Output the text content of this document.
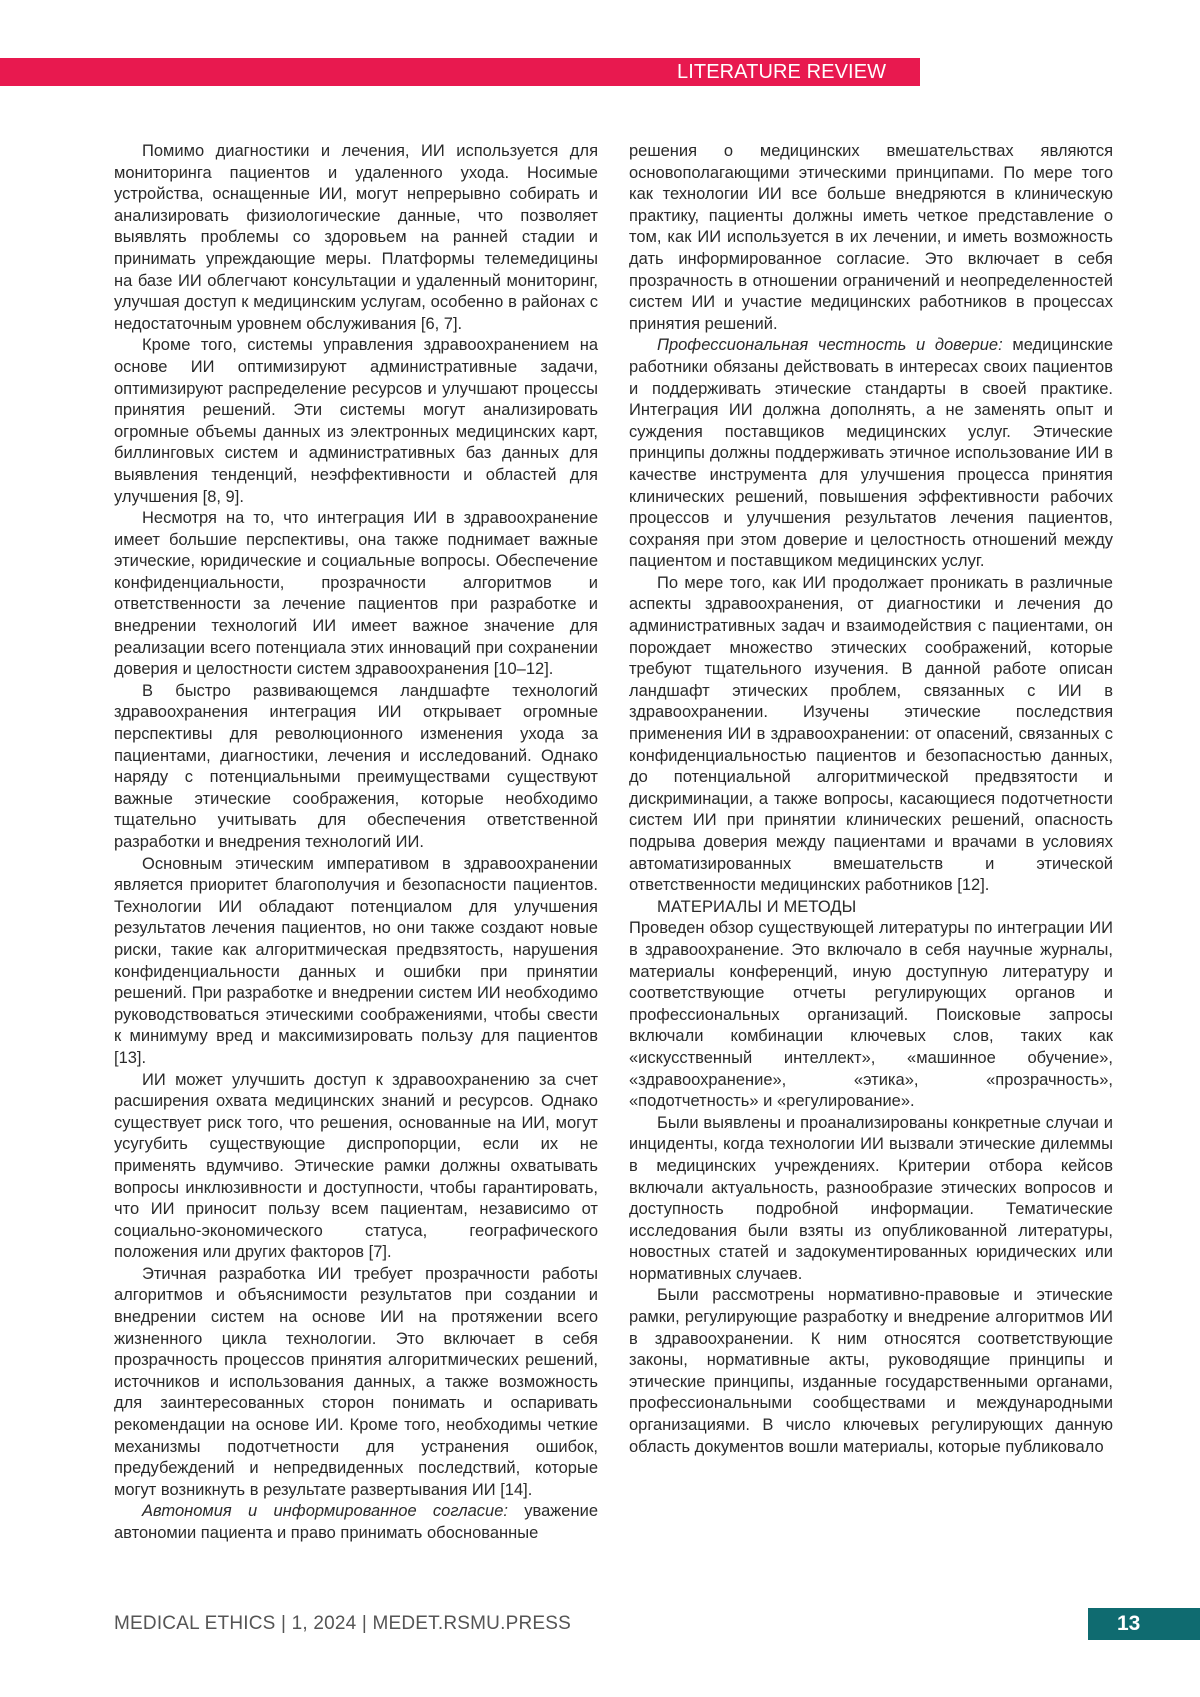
LITERATURE REVIEW

Помимо диагностики и лечения, ИИ используется для мониторинга пациентов и удаленного ухода. Носимые устройства, оснащенные ИИ, могут непрерывно собирать и анализировать физиологические данные, что позволяет выявлять проблемы со здоровьем на ранней стадии и принимать упреждающие меры. Платформы телемедицины на базе ИИ облегчают консультации и удаленный мониторинг, улучшая доступ к медицинским услугам, особенно в районах с недостаточным уровнем обслуживания [6, 7].

Кроме того, системы управления здравоохранением на основе ИИ оптимизируют административные задачи, оптимизируют распределение ресурсов и улучшают процессы принятия решений. Эти системы могут анализировать огромные объемы данных из электронных медицинских карт, биллинговых систем и административных баз данных для выявления тенденций, неэффективности и областей для улучшения [8, 9].

Несмотря на то, что интеграция ИИ в здравоохранение имеет большие перспективы, она также поднимает важные этические, юридические и социальные вопросы. Обеспечение конфиденциальности, прозрачности алгоритмов и ответственности за лечение пациентов при разработке и внедрении технологий ИИ имеет важное значение для реализации всего потенциала этих инноваций при сохранении доверия и целостности систем здравоохранения [10–12].

В быстро развивающемся ландшафте технологий здравоохранения интеграция ИИ открывает огромные перспективы для революционного изменения ухода за пациентами, диагностики, лечения и исследований. Однако наряду с потенциальными преимуществами существуют важные этические соображения, которые необходимо тщательно учитывать для обеспечения ответственной разработки и внедрения технологий ИИ.

Основным этическим императивом в здравоохранении является приоритет благополучия и безопасности пациентов. Технологии ИИ обладают потенциалом для улучшения результатов лечения пациентов, но они также создают новые риски, такие как алгоритмическая предвзятость, нарушения конфиденциальности данных и ошибки при принятии решений. При разработке и внедрении систем ИИ необходимо руководствоваться этическими соображениями, чтобы свести к минимуму вред и максимизировать пользу для пациентов [13].

ИИ может улучшить доступ к здравоохранению за счет расширения охвата медицинских знаний и ресурсов. Однако существует риск того, что решения, основанные на ИИ, могут усугубить существующие диспропорции, если их не применять вдумчиво. Этические рамки должны охватывать вопросы инклюзивности и доступности, чтобы гарантировать, что ИИ приносит пользу всем пациентам, независимо от социально-экономического статуса, географического положения или других факторов [7].

Этичная разработка ИИ требует прозрачности работы алгоритмов и объяснимости результатов при создании и внедрении систем на основе ИИ на протяжении всего жизненного цикла технологии. Это включает в себя прозрачность процессов принятия алгоритмических решений, источников и использования данных, а также возможность для заинтересованных сторон понимать и оспаривать рекомендации на основе ИИ. Кроме того, необходимы четкие механизмы подотчетности для устранения ошибок, предубеждений и непредвиденных последствий, которые могут возникнуть в результате развертывания ИИ [14].

Автономия и информированное согласие: уважение автономии пациента и право принимать обоснованные

решения о медицинских вмешательствах являются основополагающими этическими принципами. По мере того как технологии ИИ все больше внедряются в клиническую практику, пациенты должны иметь четкое представление о том, как ИИ используется в их лечении, и иметь возможность дать информированное согласие. Это включает в себя прозрачность в отношении ограничений и неопределенностей систем ИИ и участие медицинских работников в процессах принятия решений.

Профессиональная честность и доверие: медицинские работники обязаны действовать в интересах своих пациентов и поддерживать этические стандарты в своей практике. Интеграция ИИ должна дополнять, а не заменять опыт и суждения поставщиков медицинских услуг. Этические принципы должны поддерживать этичное использование ИИ в качестве инструмента для улучшения процесса принятия клинических решений, повышения эффективности рабочих процессов и улучшения результатов лечения пациентов, сохраняя при этом доверие и целостность отношений между пациентом и поставщиком медицинских услуг.

По мере того, как ИИ продолжает проникать в различные аспекты здравоохранения, от диагностики и лечения до административных задач и взаимодействия с пациентами, он порождает множество этических соображений, которые требуют тщательного изучения. В данной работе описан ландшафт этических проблем, связанных с ИИ в здравоохранении. Изучены этические последствия применения ИИ в здравоохранении: от опасений, связанных с конфиденциальностью пациентов и безопасностью данных, до потенциальной алгоритмической предвзятости и дискриминации, а также вопросы, касающиеся подотчетности систем ИИ при принятии клинических решений, опасность подрыва доверия между пациентами и врачами в условиях автоматизированных вмешательств и этической ответственности медицинских работников [12].

МАТЕРИАЛЫ И МЕТОДЫ

Проведен обзор существующей литературы по интеграции ИИ в здравоохранение. Это включало в себя научные журналы, материалы конференций, иную доступную литературу и соответствующие отчеты регулирующих органов и профессиональных организаций. Поисковые запросы включали комбинации ключевых слов, таких как «искусственный интеллект», «машинное обучение», «здравоохранение», «этика», «прозрачность», «подотчетность» и «регулирование».

Были выявлены и проанализированы конкретные случаи и инциденты, когда технологии ИИ вызвали этические дилеммы в медицинских учреждениях. Критерии отбора кейсов включали актуальность, разнообразие этических вопросов и доступность подробной информации. Тематические исследования были взяты из опубликованной литературы, новостных статей и задокументированных юридических или нормативных случаев.

Были рассмотрены нормативно-правовые и этические рамки, регулирующие разработку и внедрение алгоритмов ИИ в здравоохранении. К ним относятся соответствующие законы, нормативные акты, руководящие принципы и этические принципы, изданные государственными органами, профессиональными сообществами и международными организациями. В число ключевых регулирующих данную область документов вошли материалы, которые публиковало

MEDICAL ETHICS | 1, 2024 | MEDET.RSMU.PRESS	13
